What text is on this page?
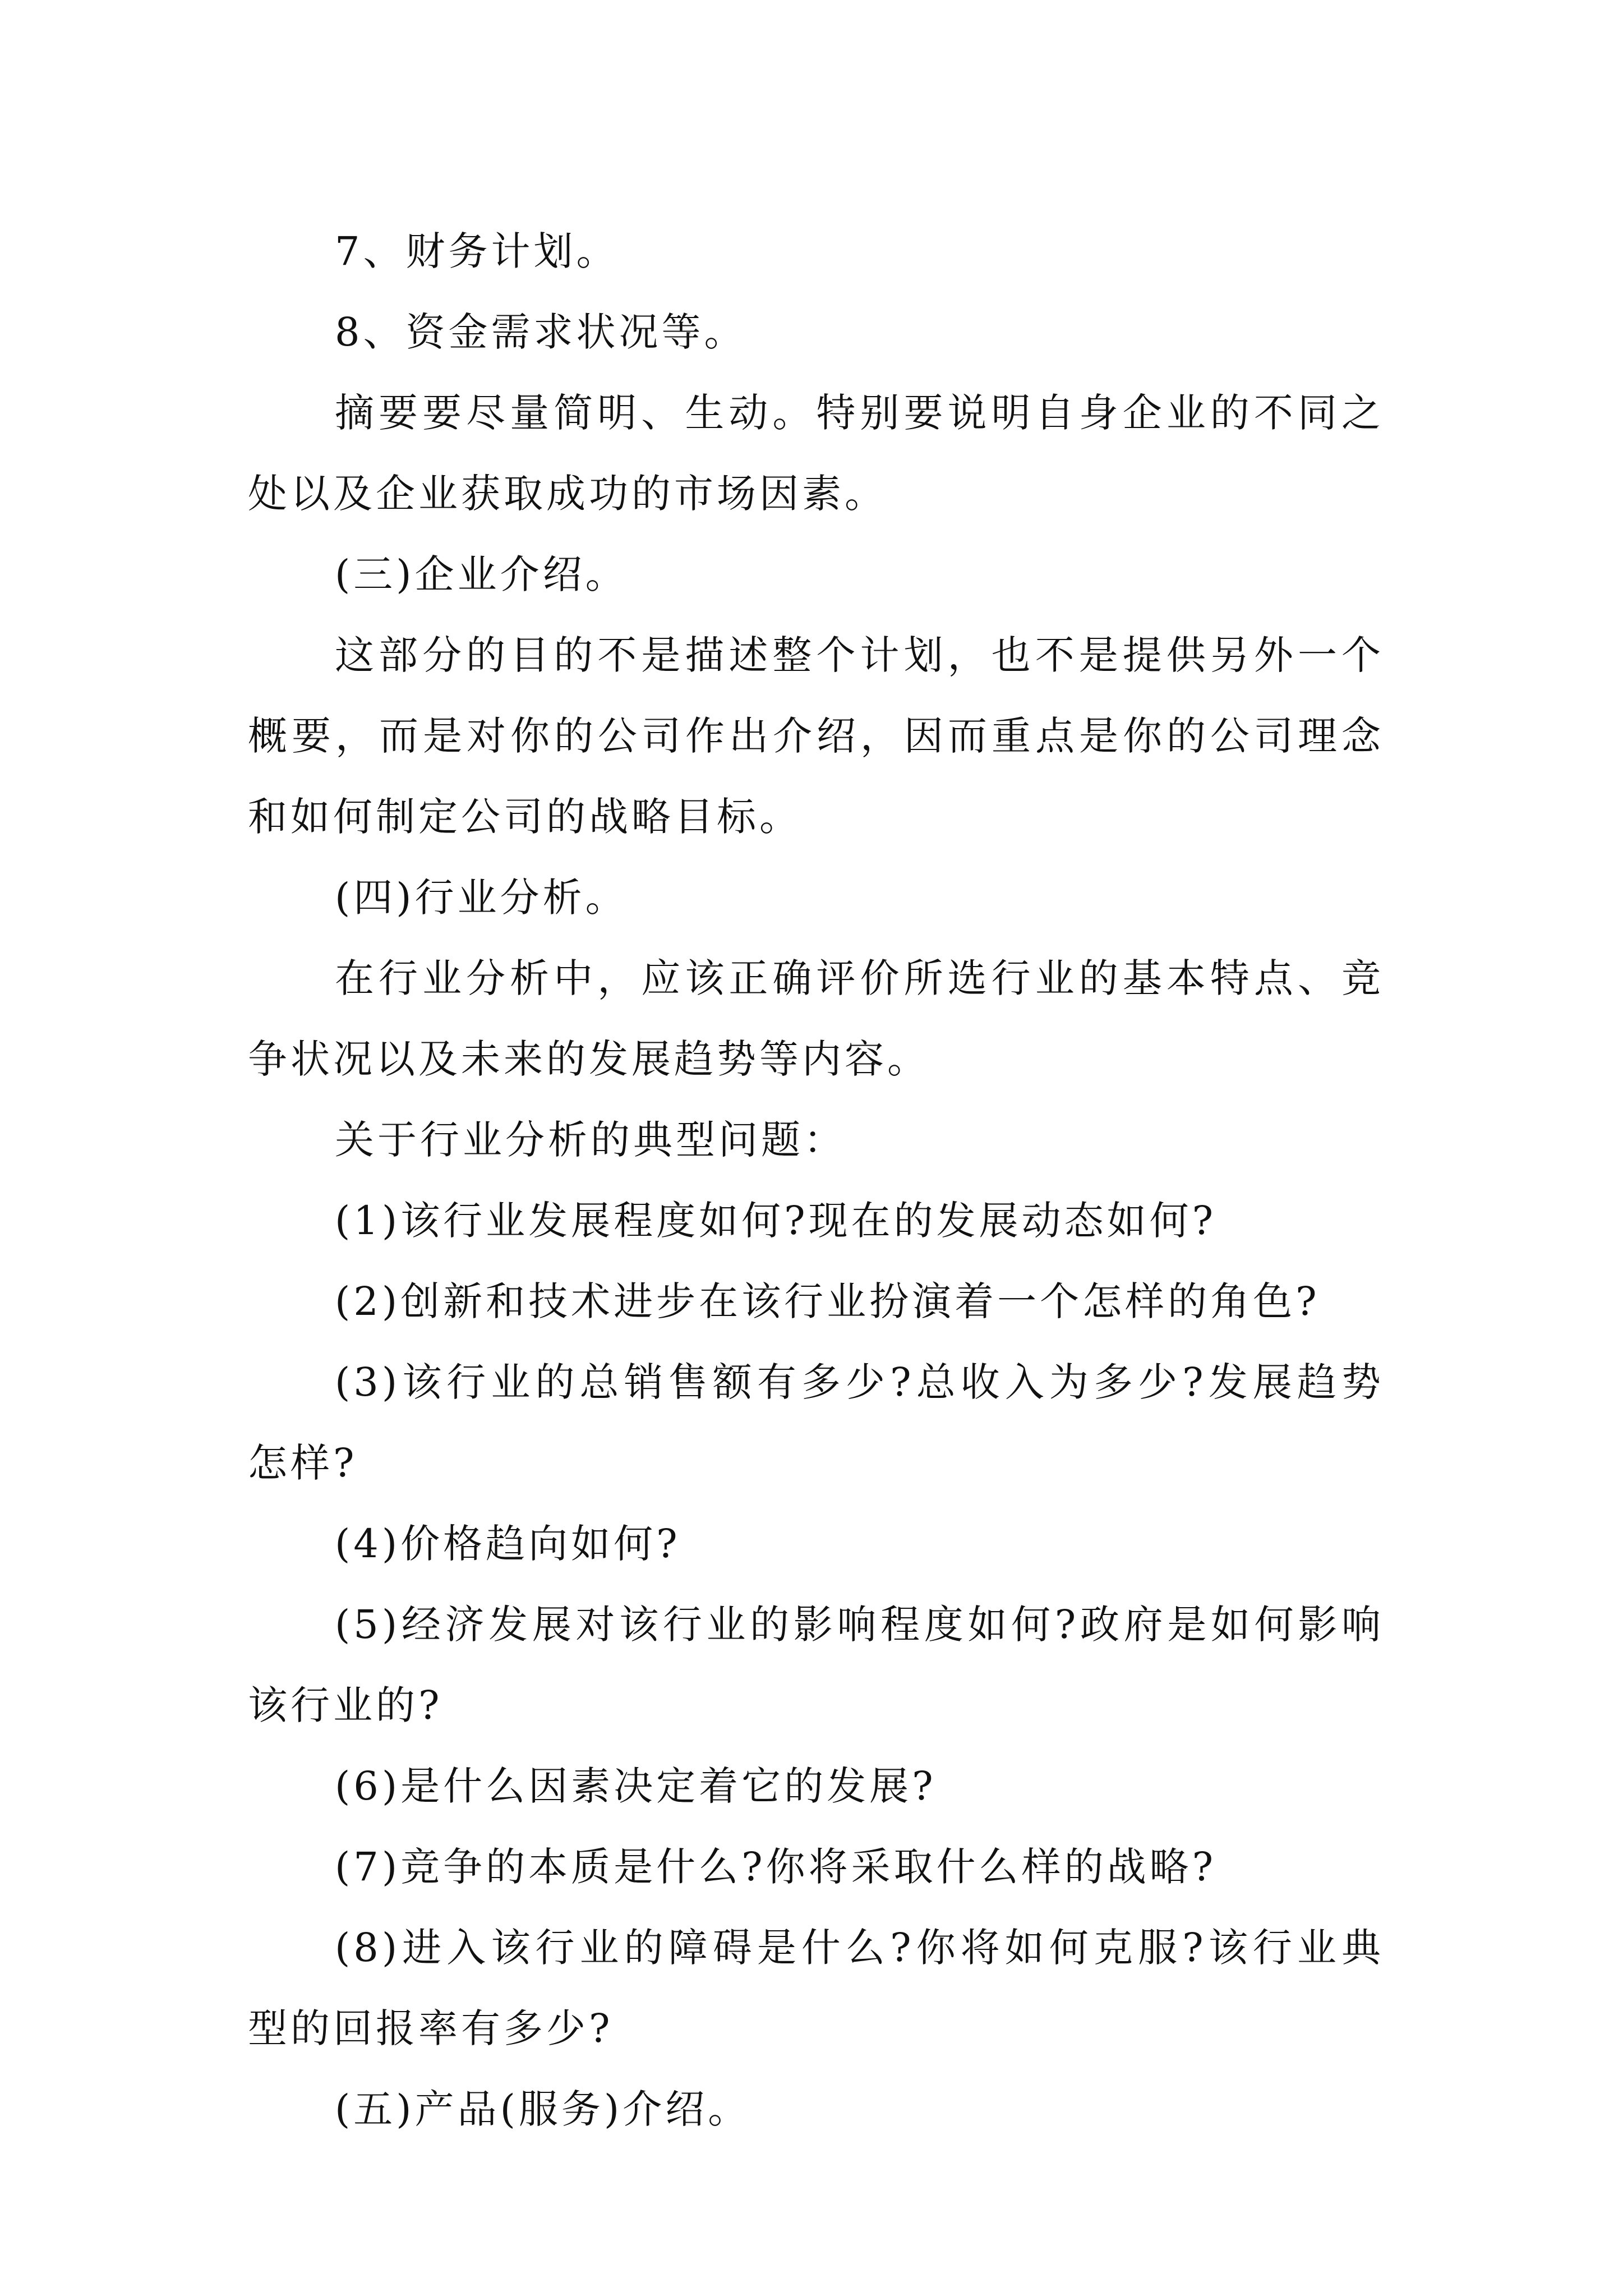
7、财务计划。

8、资金需求状况等。

摘要要尽量简明、生动。特别要说明自身企业的不同之处以及企业获取成功的市场因素。

(三)企业介绍。

这部分的目的不是描述整个计划，也不是提供另外一个概要，而是对你的公司作出介绍，因而重点是你的公司理念和如何制定公司的战略目标。

(四)行业分析。

在行业分析中，应该正确评价所选行业的基本特点、竞争状况以及未来的发展趋势等内容。

关于行业分析的典型问题：

(1)该行业发展程度如何?现在的发展动态如何?

(2)创新和技术进步在该行业扮演着一个怎样的角色?

(3)该行业的总销售额有多少?总收入为多少?发展趋势怎样?

(4)价格趋向如何?

(5)经济发展对该行业的影响程度如何?政府是如何影响该行业的?

(6)是什么因素决定着它的发展?

(7)竞争的本质是什么?你将采取什么样的战略?

(8)进入该行业的障碍是什么?你将如何克服?该行业典型的回报率有多少?

(五)产品(服务)介绍。
